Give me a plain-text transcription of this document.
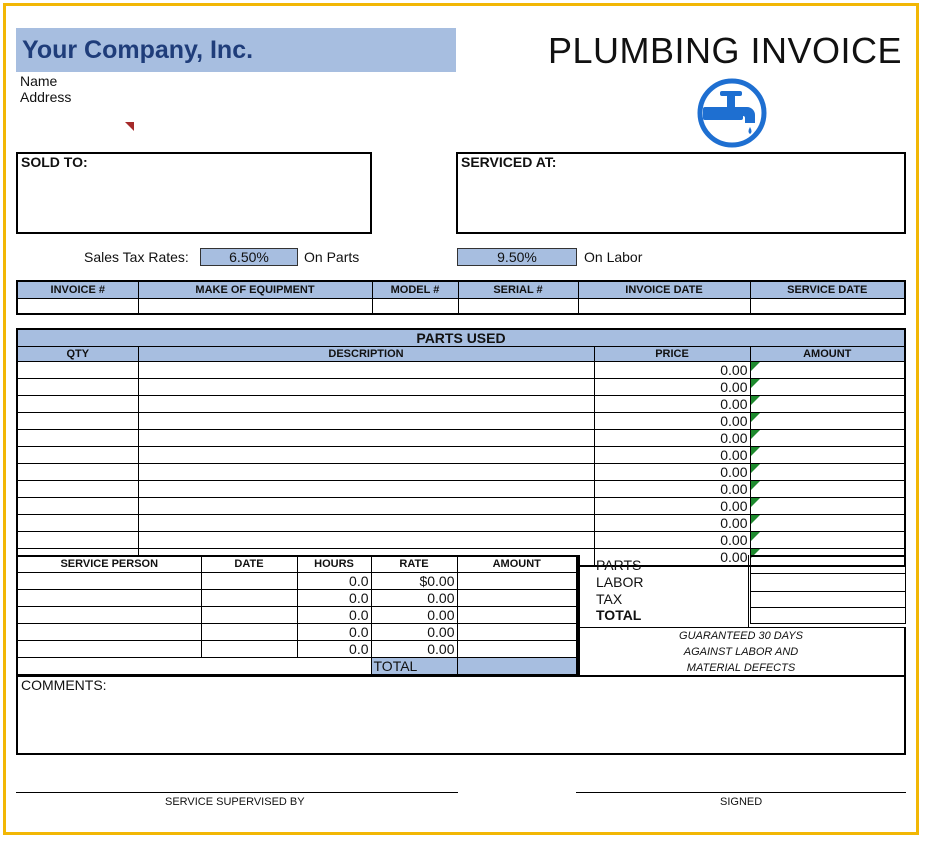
Your Company, Inc.
Name
Address
PLUMBING INVOICE
SOLD TO:	SERVICED AT:
Sales Tax Rates:	6.50%	On Parts	9.50%	On Labor
INVOICE #	MAKE OF EQUIPMENT	MODEL #	SERIAL #	INVOICE DATE	SERVICE DATE

PARTS USED			
QTY	DESCRIPTION	PRICE	AMOUNT
		0.00	

		0.00	

		0.00	

		0.00	

		0.00	

		0.00	

		0.00	

		0.00	

		0.00	

		0.00	

		0.00	

		0.00	
SERVICE PERSON	DATE	HOURS	RATE	AMOUNT
		0.0	$0.00	
		0.0	0.00	
		0.0	0.00	
		0.0	0.00	
		0.0	0.00	
			TOTAL	
PARTS	
LABOR	
TAX	
TOTAL	
GUARANTEED 30 DAYS
AGAINST LABOR AND
MATERIAL DEFECTS
COMMENTS:
SERVICE SUPERVISED BY	SIGNED
